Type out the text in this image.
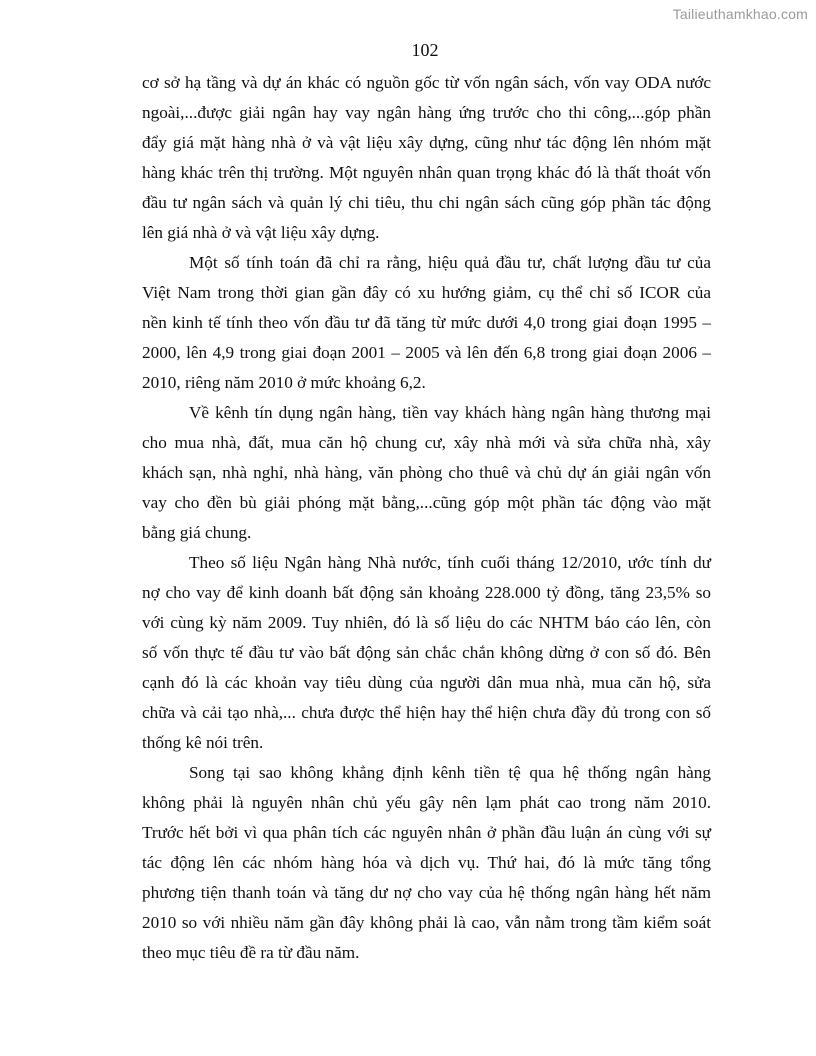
Tailieuthamkhao.com
102
cơ sở hạ tầng và dự án khác có nguồn gốc từ vốn ngân sách, vốn vay ODA nước
ngoài,...được giải ngân hay vay ngân hàng ứng trước cho thi công,...góp phần
đẩy giá mặt hàng nhà ở và vật liệu xây dựng, cũng như tác động lên nhóm mặt
hàng khác trên thị trường. Một nguyên nhân quan trọng khác đó là thất thoát vốn
đầu tư ngân sách và quản lý chi tiêu, thu chi ngân sách cũng góp phần tác động
lên giá nhà ở và vật liệu xây dựng.
Một số tính toán đã chỉ ra rằng, hiệu quả đầu tư, chất lượng đầu tư của
Việt Nam trong thời gian gần đây có xu hướng giảm, cụ thể chỉ số ICOR của
nền kinh tế tính theo vốn đầu tư đã tăng từ mức dưới 4,0 trong giai đoạn 1995 –
2000, lên 4,9 trong giai đoạn 2001 – 2005 và lên đến 6,8 trong giai đoạn 2006 –
2010, riêng năm 2010 ở mức khoảng 6,2.
Về kênh tín dụng ngân hàng, tiền vay khách hàng ngân hàng thương mại
cho mua nhà, đất, mua căn hộ chung cư, xây nhà mới và sửa chữa nhà, xây
khách sạn, nhà nghỉ, nhà hàng, văn phòng cho thuê và chủ dự án giải ngân vốn
vay cho đền bù giải phóng mặt bằng,...cũng góp một phần tác động vào mặt
bằng giá chung.
Theo số liệu Ngân hàng Nhà nước, tính cuối tháng 12/2010, ước tính dư
nợ cho vay để kinh doanh bất động sản khoảng 228.000 tỷ đồng, tăng 23,5% so
với cùng kỳ năm 2009. Tuy nhiên, đó là số liệu do các NHTM báo cáo lên, còn
số vốn thực tế đầu tư vào bất động sản chắc chắn không dừng ở con số đó. Bên
cạnh đó là các khoản vay tiêu dùng của người dân mua nhà, mua căn hộ, sửa
chữa và cải tạo nhà,... chưa được thể hiện hay thể hiện chưa đầy đủ trong con số
thống kê nói trên.
Song tại sao không khẳng định kênh tiền tệ qua hệ thống ngân hàng
không phải là nguyên nhân chủ yếu gây nên lạm phát cao trong năm 2010.
Trước hết bởi vì qua phân tích các nguyên nhân ở phần đầu luận án cùng với sự
tác động lên các nhóm hàng hóa và dịch vụ. Thứ hai, đó là mức tăng tổng
phương tiện thanh toán và tăng dư nợ cho vay của hệ thống ngân hàng hết năm
2010 so với nhiều năm gần đây không phải là cao, vẫn nằm trong tầm kiểm soát
theo mục tiêu đề ra từ đầu năm.
